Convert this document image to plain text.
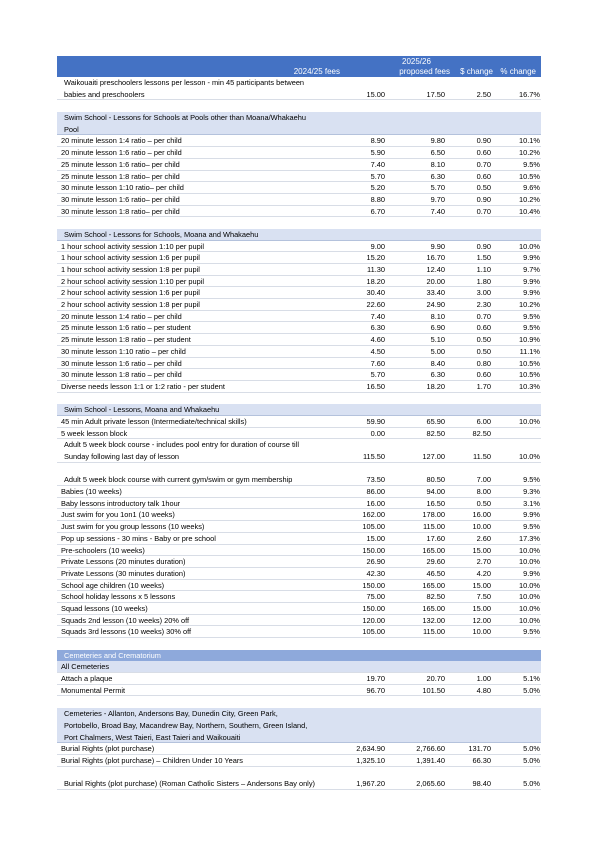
2025/26
2024/25 fees	proposed fees $ change % change
Waikouaiti preschoolers lessons per lesson - min 45 participants between
babies and preschoolers	15.00	17.50	2.50	16.7%
Swim School - Lessons for Schools at Pools other than Moana/Whakaehu
Pool
20 minute lesson 1:4 ratio – per child	8.90	9.80	0.90	10.1%
20 minute lesson 1:6 ratio – per child	5.90	6.50	0.60	10.2%
25 minute lesson 1:6 ratio– per child	7.40	8.10	0.70	9.5%
25 minute lesson 1:8 ratio– per child	5.70	6.30	0.60	10.5%
30 minute lesson 1:10 ratio– per child	5.20	5.70	0.50	9.6%
30 minute lesson 1:6 ratio– per child	8.80	9.70	0.90	10.2%
30 minute lesson 1:8 ratio– per child	6.70	7.40	0.70	10.4%
Swim School - Lessons for Schools, Moana and Whakaehu
1 hour school activity session 1:10 per pupil	9.00	9.90	0.90	10.0%
1 hour school activity session 1:6 per pupil	15.20	16.70	1.50	9.9%
1 hour school activity session 1:8 per pupil	11.30	12.40	1.10	9.7%
2 hour school activity session 1:10 per pupil	18.20	20.00	1.80	9.9%
2 hour school activity session 1:6 per pupil	30.40	33.40	3.00	9.9%
2 hour school activity session 1:8 per pupil	22.60	24.90	2.30	10.2%
20 minute lesson 1:4 ratio – per child	7.40	8.10	0.70	9.5%
25 minute lesson 1:6 ratio – per student	6.30	6.90	0.60	9.5%
25 minute lesson 1:8 ratio – per student	4.60	5.10	0.50	10.9%
30 minute lesson 1:10 ratio – per child	4.50	5.00	0.50	11.1%
30 minute lesson 1:6 ratio – per child	7.60	8.40	0.80	10.5%
30 minute lesson 1:8 ratio – per child	5.70	6.30	0.60	10.5%
Diverse needs lesson 1:1 or 1:2 ratio - per student	16.50	18.20	1.70	10.3%
Swim School - Lessons, Moana and Whakaehu
45 min Adult private lesson (Intermediate/technical skills)	59.90	65.90	6.00	10.0%
5 week lesson block	0.00	82.50	82.50
Adult 5 week block course - includes pool entry for duration of course till
Sunday following last day of lesson	115.50	127.00	11.50	10.0%
Adult 5 week block course with current gym/swim or gym membership	73.50	80.50	7.00	9.5%
Babies (10 weeks)	86.00	94.00	8.00	9.3%
Baby lessons introductory talk 1hour	16.00	16.50	0.50	3.1%
Just swim for you 1on1 (10 weeks)	162.00	178.00	16.00	9.9%
Just swim for you group lessons (10 weeks)	105.00	115.00	10.00	9.5%
Pop up sessions - 30 mins - Baby or pre school	15.00	17.60	2.60	17.3%
Pre-schoolers (10 weeks)	150.00	165.00	15.00	10.0%
Private Lessons (20 minutes duration)	26.90	29.60	2.70	10.0%
Private Lessons (30 minutes duration)	42.30	46.50	4.20	9.9%
School age children (10 weeks)	150.00	165.00	15.00	10.0%
School holiday lessons x 5 lessons	75.00	82.50	7.50	10.0%
Squad lessons (10 weeks)	150.00	165.00	15.00	10.0%
Squads 2nd lesson (10 weeks) 20% off	120.00	132.00	12.00	10.0%
Squads 3rd lessons (10 weeks) 30% off	105.00	115.00	10.00	9.5%
Cemeteries and Crematorium
All Cemeteries
Attach a plaque	19.70	20.70	1.00	5.1%
Monumental Permit	96.70	101.50	4.80	5.0%
Cemeteries - Allanton, Andersons Bay, Dunedin City, Green Park,
Portobello, Broad Bay, Macandrew Bay, Northern, Southern, Green Island,
Port Chalmers, West Taieri, East Taieri and Waikouaiti
Burial Rights (plot purchase)	2,634.90	2,766.60	131.70	5.0%
Burial Rights (plot purchase) – Children Under 10 Years	1,325.10	1,391.40	66.30	5.0%
Burial Rights (plot purchase) (Roman Catholic Sisters – Andersons Bay only)	1,967.20	2,065.60	98.40	5.0%
